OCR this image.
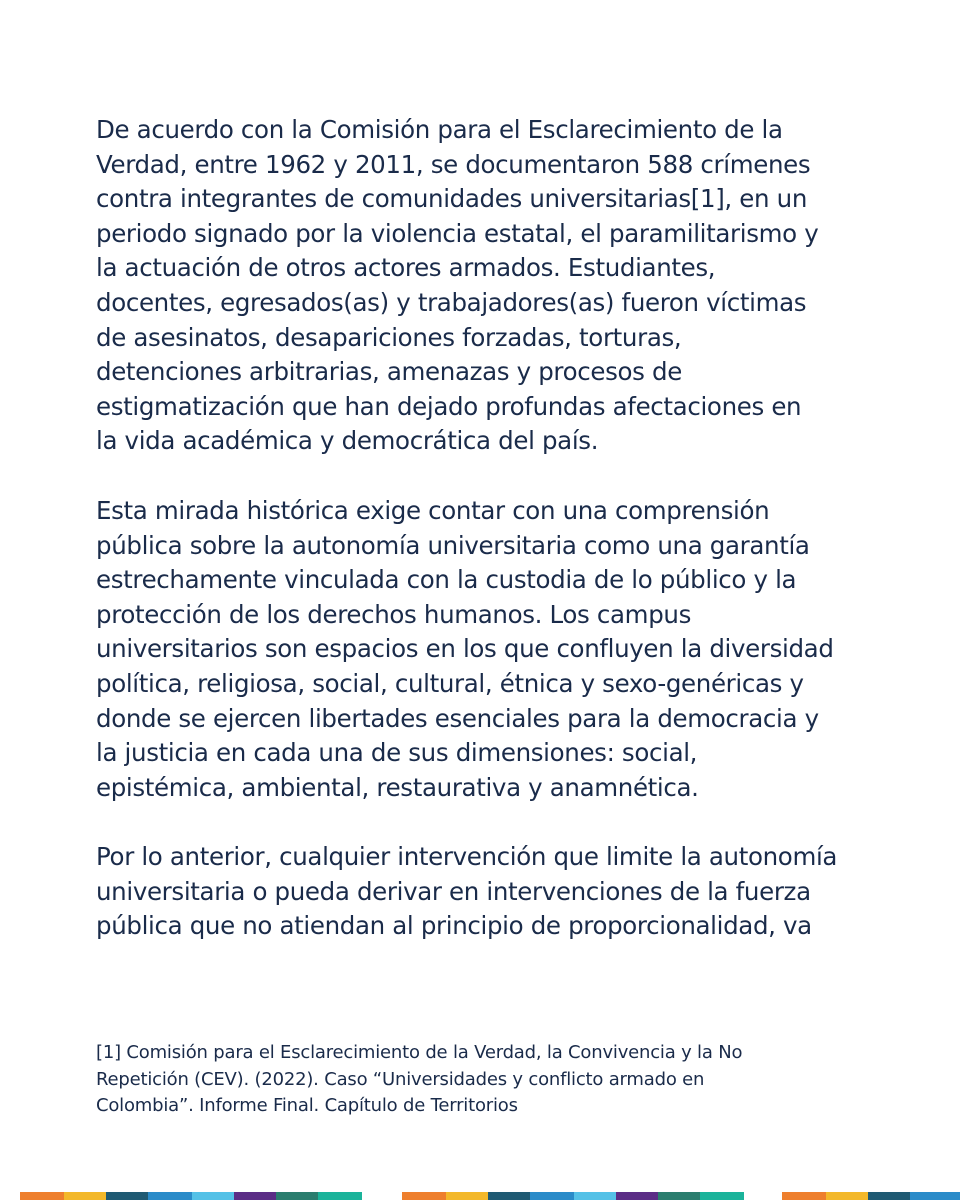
De acuerdo con la Comisión para el Esclarecimiento de la
Verdad, entre 1962 y 2011, se documentaron 588 crímenes
contra integrantes de comunidades universitarias[1], en un
periodo signado por la violencia estatal, el paramilitarismo y
la actuación de otros actores armados. Estudiantes,
docentes, egresados(as) y trabajadores(as) fueron víctimas
de asesinatos, desapariciones forzadas, torturas,
detenciones arbitrarias, amenazas y procesos de
estigmatización que han dejado profundas afectaciones en
la vida académica y democrática del país.

Esta mirada histórica exige contar con una comprensión
pública sobre la autonomía universitaria como una garantía
estrechamente vinculada con la custodia de lo público y la
protección de los derechos humanos. Los campus
universitarios son espacios en los que confluyen la diversidad
política, religiosa, social, cultural, étnica y sexo-genéricas y
donde se ejercen libertades esenciales para la democracia y
la justicia en cada una de sus dimensiones: social,
epistémica, ambiental, restaurativa y anamnética.

Por lo anterior, cualquier intervención que limite la autonomía
universitaria o pueda derivar en intervenciones de la fuerza
pública que no atiendan al principio de proporcionalidad, va

[1] Comisión para el Esclarecimiento de la Verdad, la Convivencia y la No
Repetición (CEV). (2022). Caso “Universidades y conflicto armado en
Colombia”. Informe Final. Capítulo de Territorios
